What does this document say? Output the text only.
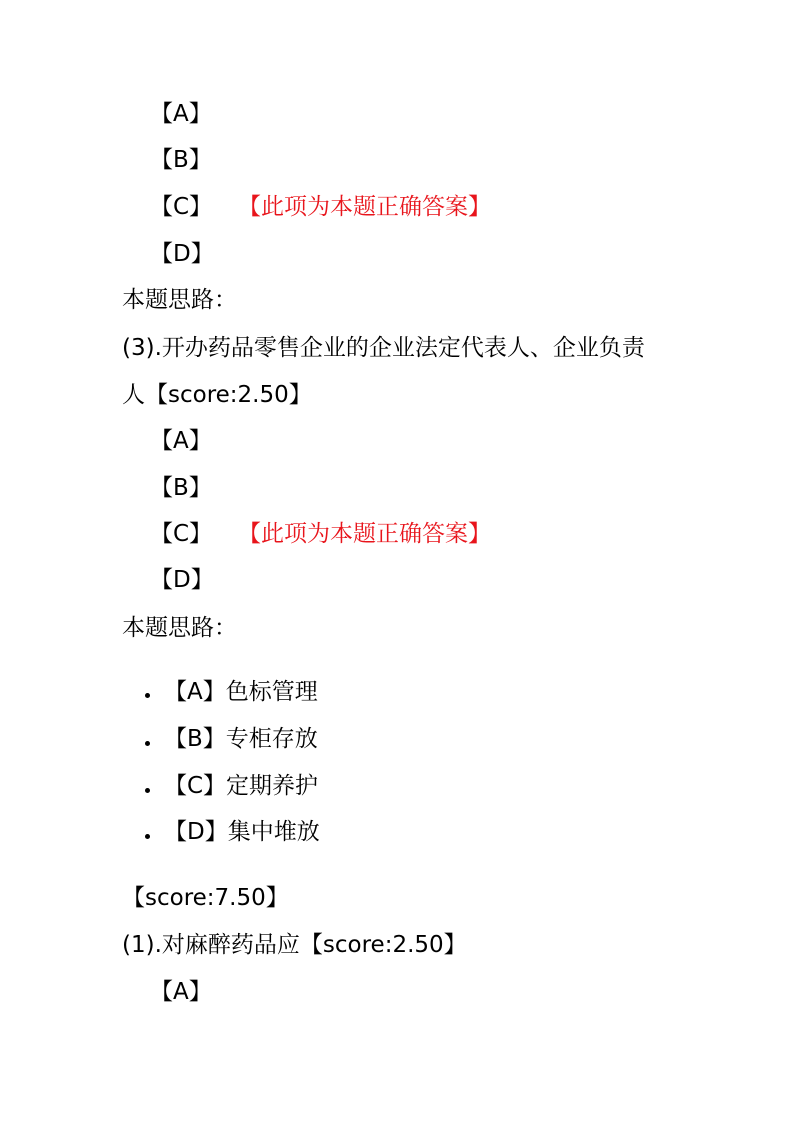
【A】
【B】
【C】 【此项为本题正确答案】
【D】
本题思路：
(3).开办药品零售企业的企业法定代表人、企业负责
人【score:2.50】
【A】
【B】
【C】 【此项为本题正确答案】
【D】
本题思路：
【A】色标管理
【B】专柜存放
【C】定期养护
【D】集中堆放
【score:7.50】
(1).对麻醉药品应【score:2.50】
【A】
